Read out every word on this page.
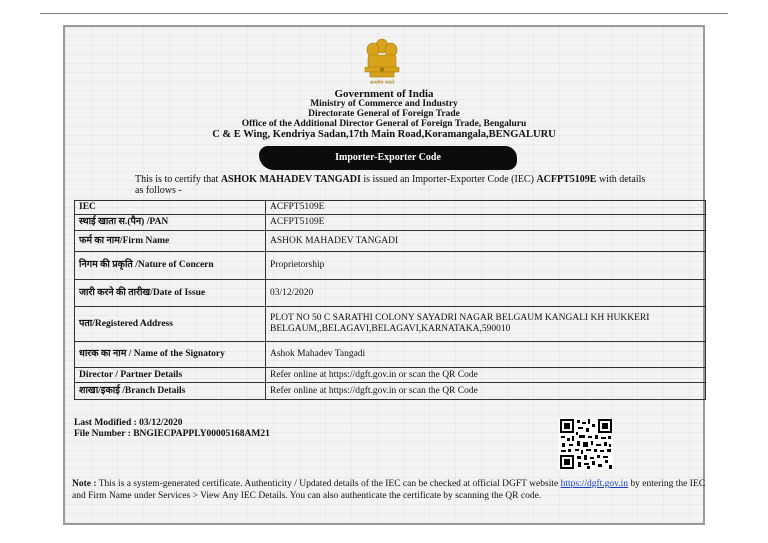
सत्यमेव जयते
Government of India
Ministry of Commerce and Industry
Directorate General of Foreign Trade
Office of the Additional Director General of Foreign Trade, Bengaluru
C & E Wing, Kendriya Sadan,17th Main Road,Koramangala,BENGALURU
Importer-Exporter Code
This is to certify that ASHOK MAHADEV TANGADI is issued an Importer-Exporter Code (IEC) ACFPT5109E with details as follows -
IEC	ACFPT5109E
स्थाई खाता स.(पैन) /PAN	ACFPT5109E
फर्म का नाम/Firm Name	ASHOK MAHADEV TANGADI
निगम की प्रकृति /Nature of Concern	Proprietorship
जारी करने की तारीख/Date of Issue	03/12/2020
पता/Registered Address	PLOT NO 50 C SARATHI COLONY SAYADRI NAGAR BELGAUM KANGALI KH HUKKERI BELGAUM,,BELAGAVI,BELAGAVI,KARNATAKA,590010
धारक का नाम / Name of the Signatory	Ashok Mahadev Tangadi
Director / Partner Details	Refer online at https://dgft.gov.in or scan the QR Code
शाखा/इकाई /Branch Details	Refer online at https://dgft.gov.in or scan the QR Code
Last Modified : 03/12/2020
File Number : BNGIECPAPPLY00005168AM21
Note : This is a system-generated certificate. Authenticity / Updated details of the IEC can be checked at official DGFT website https://dgft.gov.in by entering the IEC and Firm Name under Services > View Any IEC Details. You can also authenticate the certificate by scanning the QR code.
